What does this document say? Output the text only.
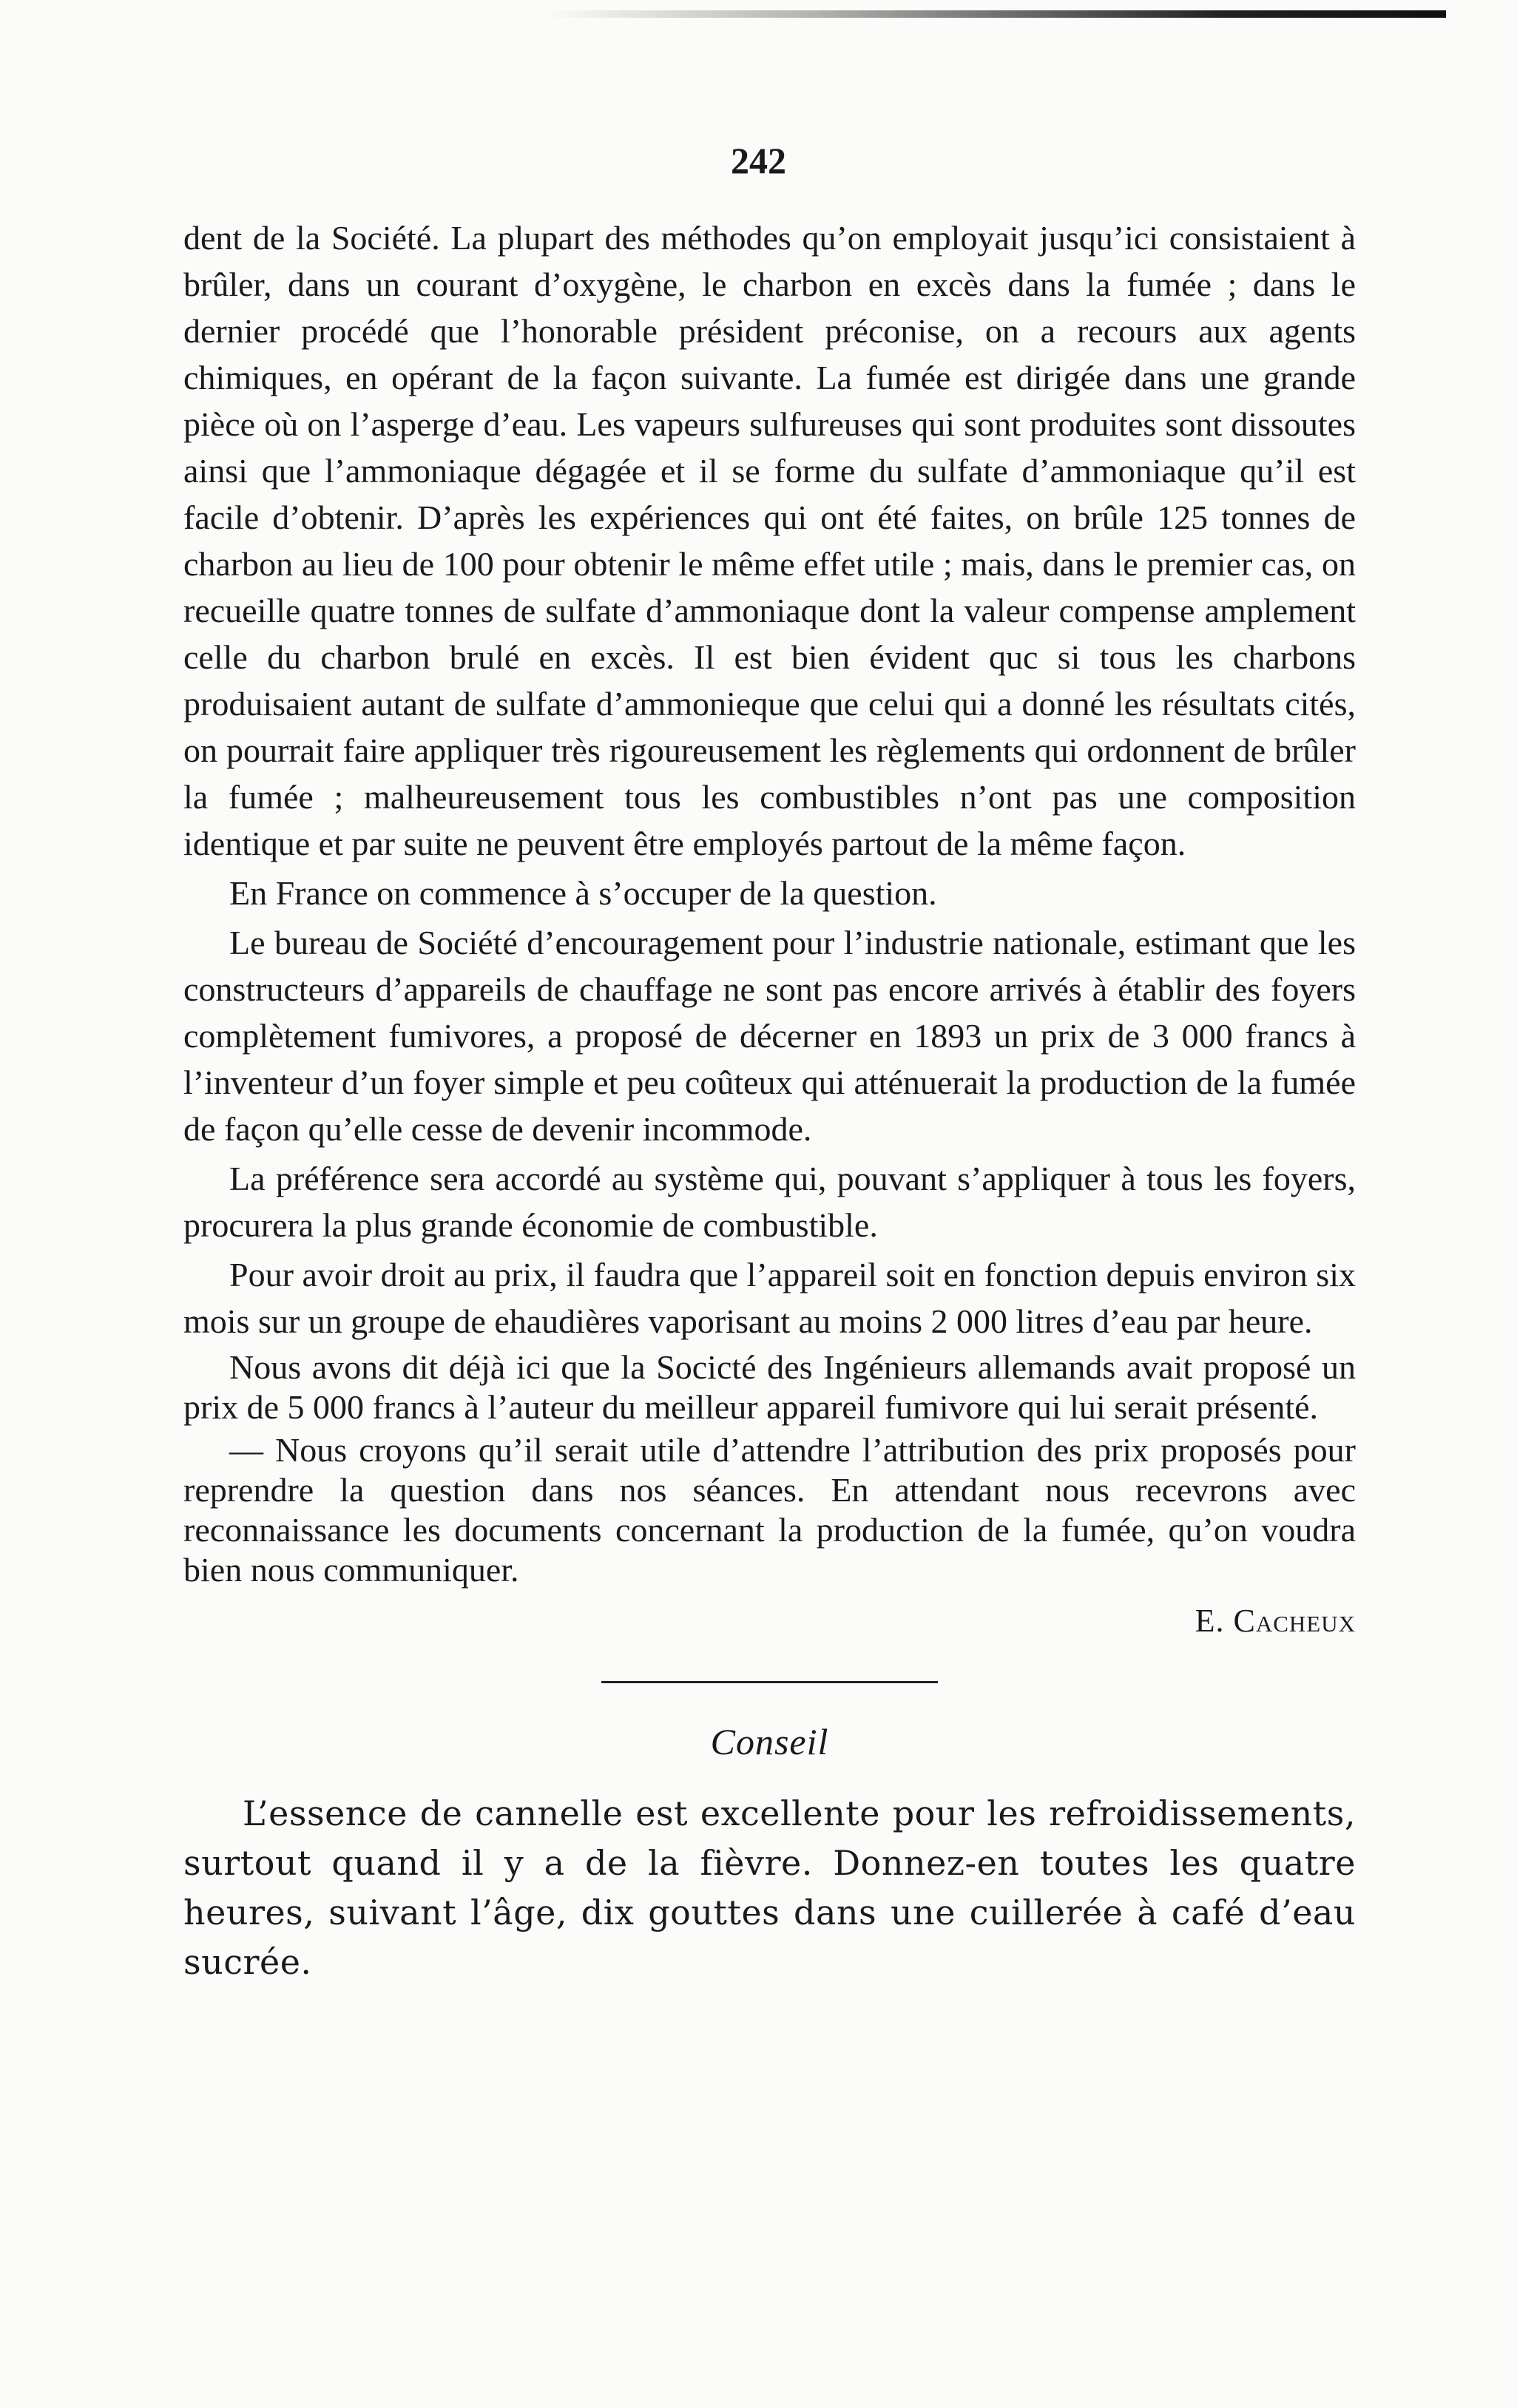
242

dent de la Société. La plupart des méthodes qu’on employait jusqu’ici consistaient à brûler, dans un courant d’oxygène, le charbon en excès dans la fumée ; dans le dernier procédé que l’honorable président préconise, on a recours aux agents chimiques, en opérant de la façon suivante. La fumée est dirigée dans une grande pièce où on l’asperge d’eau. Les vapeurs sulfureuses qui sont produites sont dissoutes ainsi que l’ammoniaque dégagée et il se forme du sulfate d’ammoniaque qu’il est facile d’obtenir. D’après les expériences qui ont été faites, on brûle 125 tonnes de charbon au lieu de 100 pour obtenir le même effet utile ; mais, dans le premier cas, on recueille quatre tonnes de sulfate d’ammoniaque dont la valeur compense amplement celle du charbon brulé en excès. Il est bien évident quc si tous les charbons produisaient autant de sulfate d’ammonieque que celui qui a donné les résultats cités, on pourrait faire appliquer très rigoureusement les règlements qui ordonnent de brûler la fumée ; malheureusement tous les combustibles n’ont pas une composition identique et par suite ne peuvent être employés partout de la même façon.

En France on commence à s’occuper de la question.

Le bureau de Société d’encouragement pour l’industrie nationale, estimant que les constructeurs d’appareils de chauffage ne sont pas encore arrivés à établir des foyers complètement fumivores, a proposé de décerner en 1893 un prix de 3 000 francs à l’inventeur d’un foyer simple et peu coûteux qui atténuerait la production de la fumée de façon qu’elle cesse de devenir incommode.

La préférence sera accordé au système qui, pouvant s’appliquer à tous les foyers, procurera la plus grande économie de combustible.

Pour avoir droit au prix, il faudra que l’appareil soit en fonction depuis environ six mois sur un groupe de ehaudières vaporisant au moins 2 000 litres d’eau par heure.

Nous avons dit déjà ici que la Socicté des Ingénieurs allemands avait proposé un prix de 5 000 francs à l’auteur du meilleur appareil fumivore qui lui serait présenté.

— Nous croyons qu’il serait utile d’attendre l’attribution des prix proposés pour reprendre la question dans nos séances. En attendant nous recevrons avec reconnaissance les documents concernant la production de la fumée, qu’on voudra bien nous communiquer.

E. Cacheux
Conseil

L’essence de cannelle est excellente pour les refroidissements, surtout quand il y a de la fièvre. Donnez-en toutes les quatre heures, suivant l’âge, dix gouttes dans une cuillerée à café d’eau sucrée.
